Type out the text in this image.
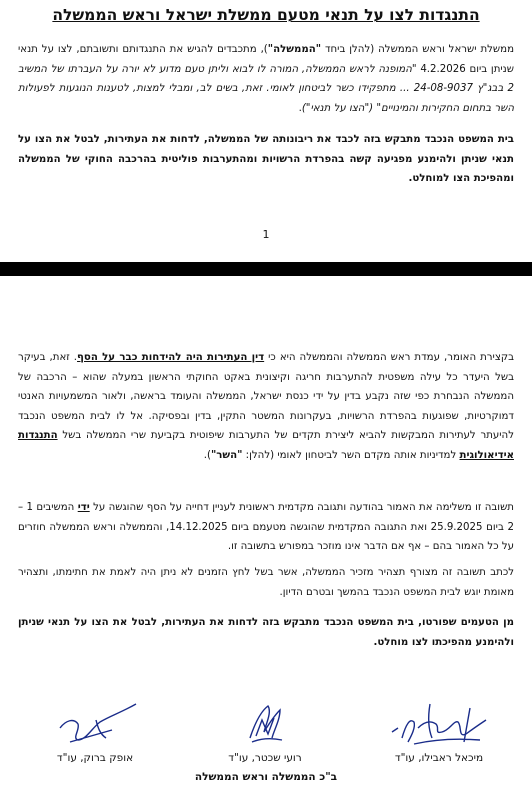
התנגדות לצו על תנאי מטעם ממשלת ישראל וראש הממשלה

ממשלת ישראל וראש הממשלה (להלן ביחד "הממשלה"), מתכבדים להגיש את התנגדותם ותשובתם, לצו על תנאי שניתן ביום 4.2.2026 "המופנה לראש הממשלה, המורה לו לבוא וליתן טעם מדוע לא יורה על העברתו של המשיב 2 בבג"ץ 24-08-9037 ... מתפקידו כשר לביטחון לאומי. זאת, בשים לב, ומבלי למצות, לטענות הנוגעות לפעולות השר בתחום החקירות והמינויים" ("הצו על תנאי").

בית המשפט הנכבד מתבקש בזה לכבד את ריבונותה של הממשלה, לדחות את העתירות, לבטל את הצו על תנאי שניתן ולהימנע מפגיעה קשה בהפרדת הרשויות ומהתערבות פוליטית בהרכבה החוקי של הממשלה ומהפיכת הצו למוחלט.

1

בקצירת האומר, עמדת ראש הממשלה והממשלה היא כי דין העתירות היה להידחות כבר על הסף. זאת, בעיקר בשל היעדר כל עילה משפטית להתערבות חריגה וקיצונית באקט החוקתי הראשון במעלה שהוא – הרכבה של הממשלה הנבחרת כפי שזה נקבע בדין על ידי כנסת ישראל, הממשלה והעומד בראשה, ולאור המשמעויות האנטי דמוקרטיות, שפוגעות בהפרדת הרשויות, בעקרונות המשטר התקין, בדין ובפסיקה. אל לו לבית המשפט הנכבד להיעתר לעתירות המבקשות להביא ליצירת תקדים של התערבות שיפוטית בקביעת שרי הממשלה בשל התנגדות אידיאולוגית למדיניות אותה מקדם השר לביטחון לאומי (להלן: "השר").

תשובה זו משלימה את האמור בהודעה ותגובה מקדמית ראשונית לעניין דחייה על הסף שהוגשה על ידי המשיבים 1 – 2 ביום 25.9.2025 ואת התגובה המקדמית שהוגשה מטעמם ביום 14.12.2025, והממשלה וראש הממשלה חוזרים על כל האמור בהם – אף אם הדבר אינו מוזכר במפורש בתשובה זו.

לכתב תשובה זה מצורף תצהיר מזכיר הממשלה, אשר בשל לחץ הזמנים לא ניתן היה לאמת את חתימתו, ותצהיר מאומת יוגש לבית המשפט הנכבד בהמשך ובטרם הדיון.

מן הטעמים שפורטו, בית המשפט הנכבד מתבקש בזה לדחות את העתירות, לבטל את הצו על תנאי שניתן ולהימנע מהפיכתו לצו מוחלט.

מיכאל ראבילו, עו"ד
רועי שכטר, עו"ד
אופק ברוק, עו"ד
ב"כ הממשלה וראש הממשלה
